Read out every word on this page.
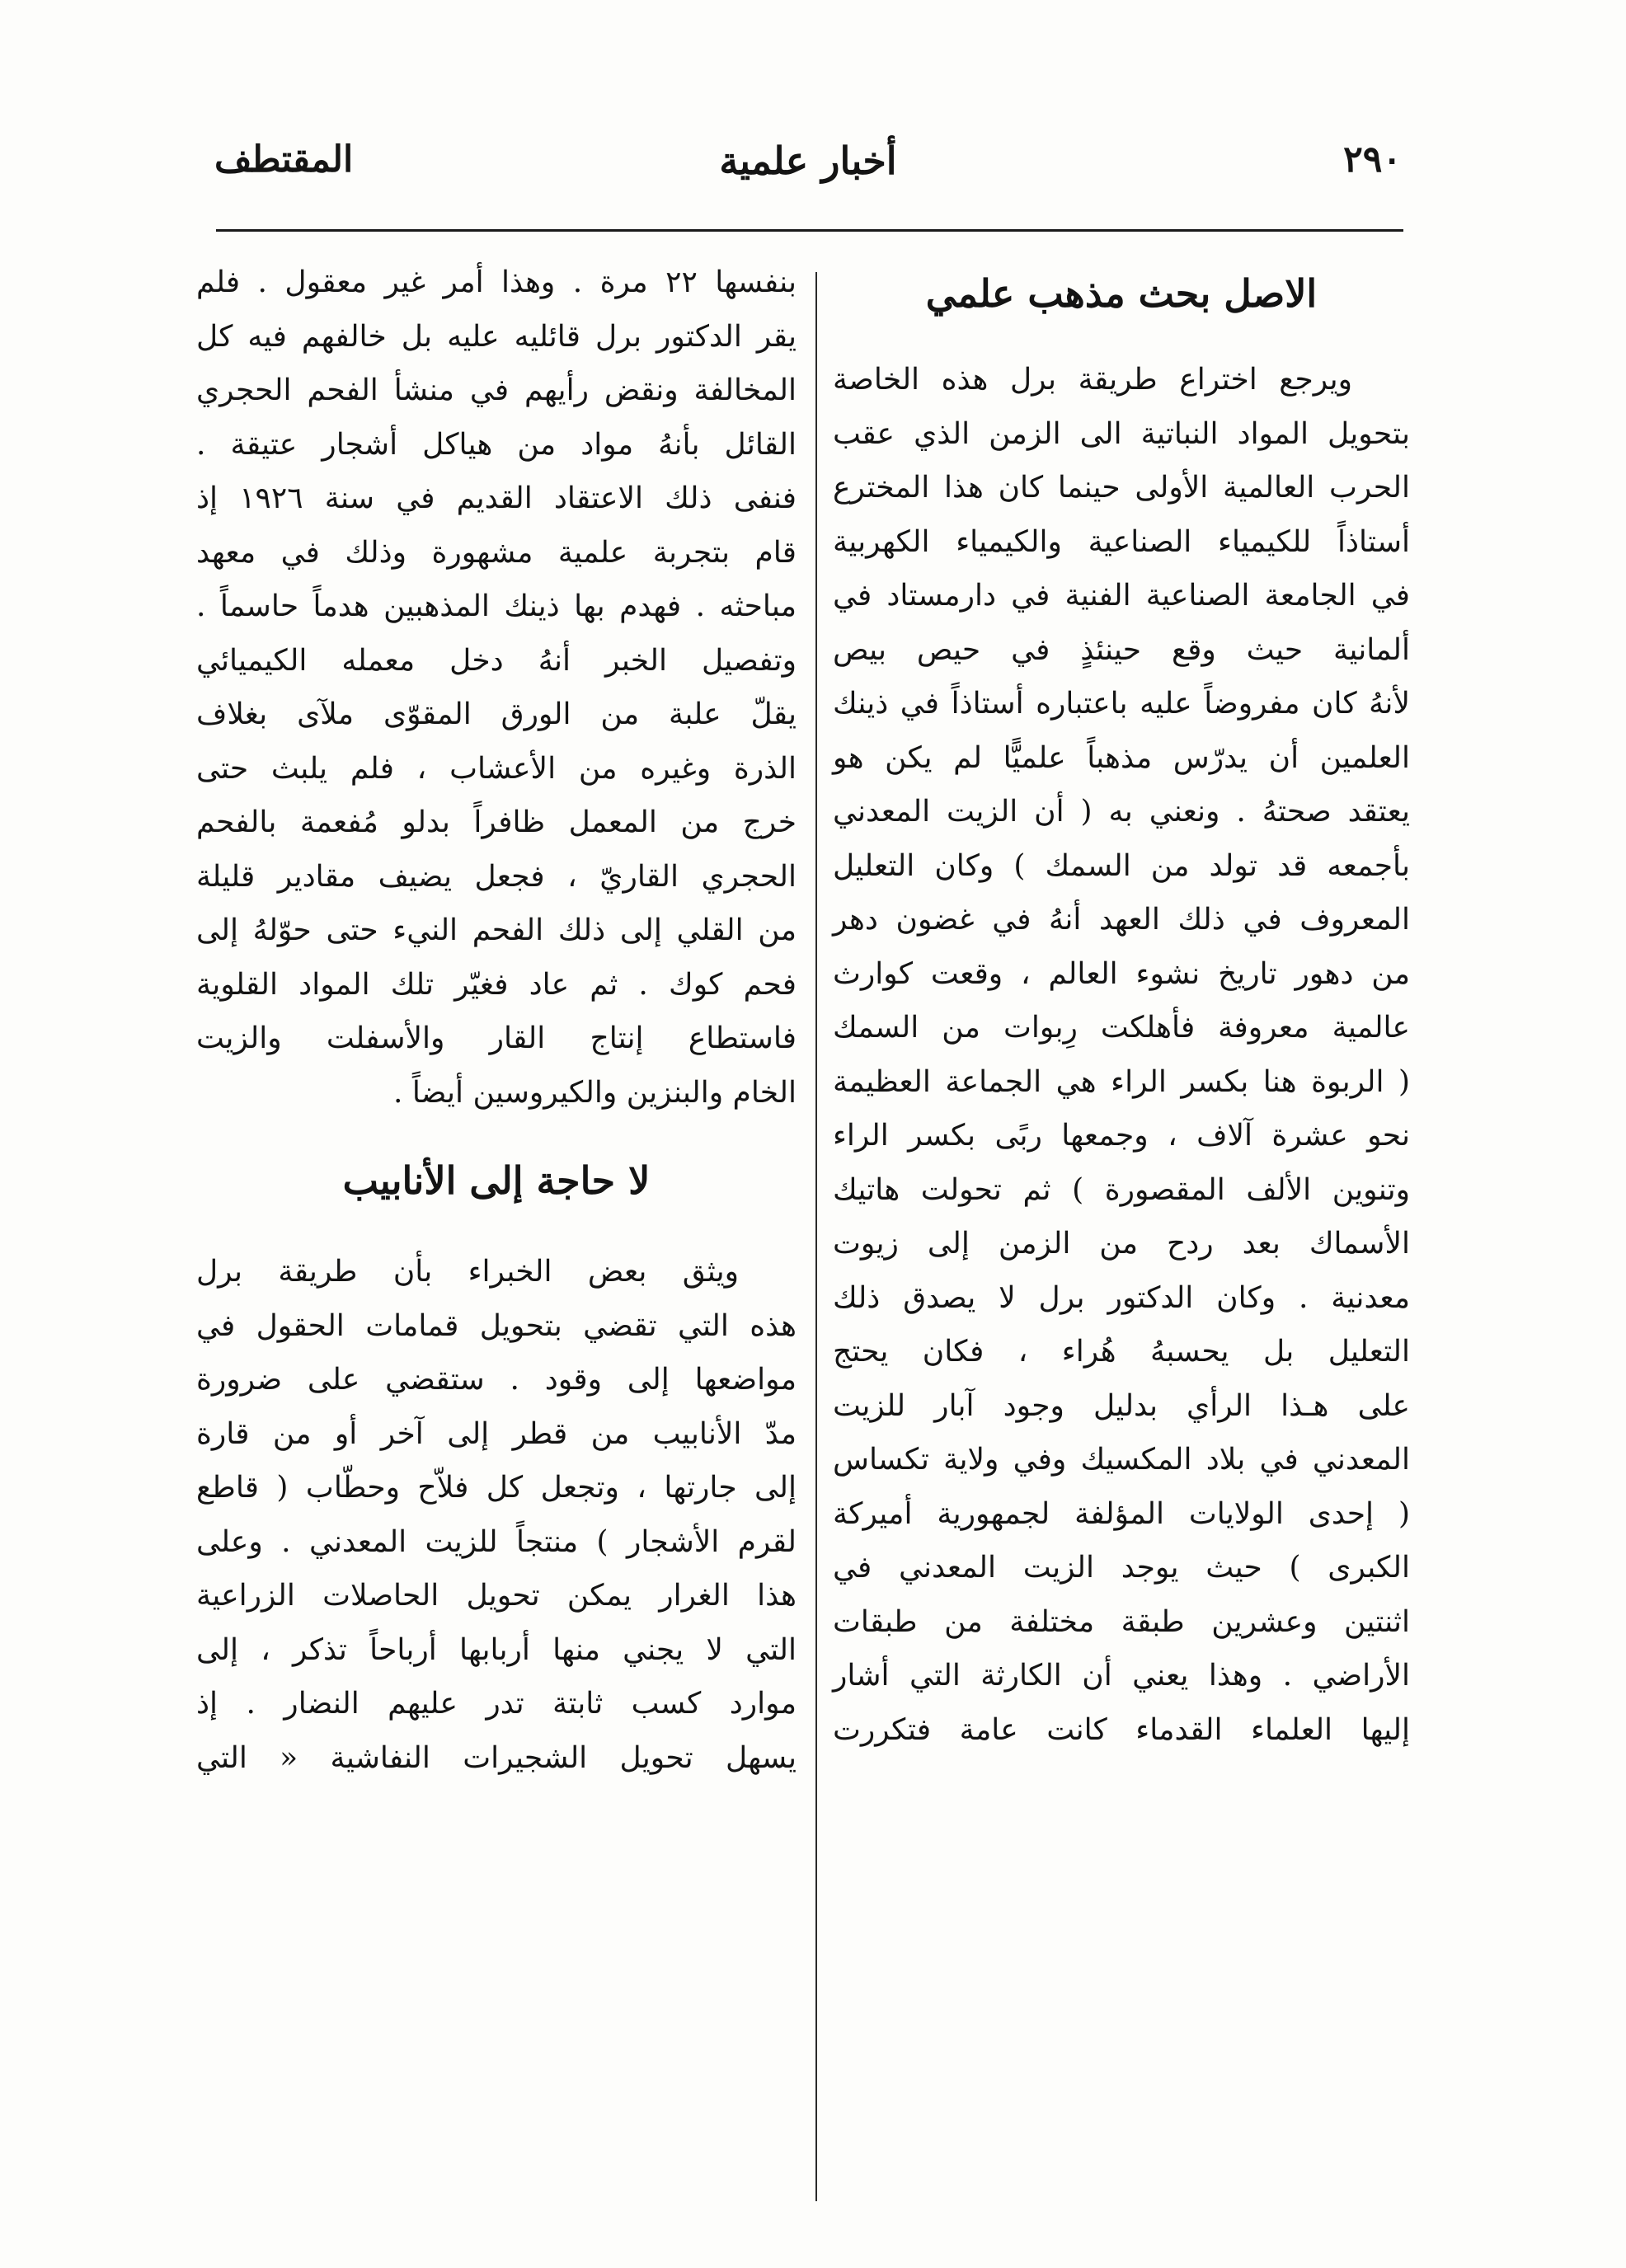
٢٩٠
أخبار علمية
المقتطف
الاصل بحث مذهب علمي

ويرجع اختراع طريقة برل هذه الخاصة

بتحويل المواد النباتية الى الزمن الذي عقب

الحرب العالمية الأولى حينما كان هذا المخترع

أستاذاً للكيمياء الصناعية والكيمياء الكهربية

في الجامعة الصناعية الفنية في دارمستاد في

ألمانية حيث وقع حينئذٍ في حيص بيص

لأنهُ كان مفروضاً عليه باعتباره أستاذاً في ذينك

العلمين أن يدرّس مذهباً علميًّا لم يكن هو

يعتقد صحتهُ . ونعني به ( أن الزيت المعدني

بأجمعه قد تولد من السمك ) وكان التعليل

المعروف في ذلك العهد أنهُ في غضون دهر

من دهور تاريخ نشوء العالم ، وقعت كوارث

عالمية معروفة فأهلكت رِبوات من السمك

( الربوة هنا بكسر الراء هي الجماعة العظيمة

نحو عشرة آلاف ، وجمعها ربًى بكسر الراء

وتنوين الألف المقصورة ) ثم تحولت هاتيك

الأسماك بعد ردح من الزمن إلى زيوت

معدنية . وكان الدكتور برل لا يصدق ذلك

التعليل بل يحسبهُ هُراء ، فكان يحتج

على هـذا الرأي بدليل وجود آبار للزيت

المعدني في بلاد المكسيك وفي ولاية تكساس

( إحدى الولايات المؤلفة لجمهورية أميركة

الكبرى ) حيث يوجد الزيت المعدني في

اثنتين وعشرين طبقة مختلفة من طبقات

الأراضي . وهذا يعني أن الكارثة التي أشار

إليها العلماء القدماء كانت عامة فتكررت

بنفسها ٢٢ مرة . وهذا أمر غير معقول . فلم

يقر الدكتور برل قائليه عليه بل خالفهم فيه كل

المخالفة ونقض رأيهم في منشأ الفحم الحجري

القائل بأنهُ مواد من هياكل أشجار عتيقة .

فنفى ذلك الاعتقاد القديم في سنة ١٩٢٦ إذ

قام بتجربة علمية مشهورة وذلك في معهد

مباحثه . فهدم بها ذينك المذهبين هدماً حاسماً .

وتفصيل الخبر أنهُ دخل معمله الكيميائي

يقلّ علبة من الورق المقوّى ملآى بغلاف

الذرة وغيره من الأعشاب ، فلم يلبث حتى

خرج من المعمل ظافراً بدلو مُفعمة بالفحم

الحجري القاريّ ، فجعل يضيف مقادير قليلة

من القلي إلى ذلك الفحم النيء حتى حوّلهُ إلى

فحم كوك . ثم عاد فغيّر تلك المواد القلوية

فاستطاع إنتاج القار والأسفلت والزيت

الخام والبنزين والكيروسين أيضاً .

لا حاجة إلى الأنابيب

ويثق بعض الخبراء بأن طريقة برل

هذه التي تقضي بتحويل قمامات الحقول في

مواضعها إلى وقود . ستقضي على ضرورة

مدّ الأنابيب من قطر إلى آخر أو من قارة

إلى جارتها ، وتجعل كل فلاّح وحطّاب ( قاطع

لقرم الأشجار ) منتجاً للزيت المعدني . وعلى

هذا الغرار يمكن تحويل الحاصلات الزراعية

التي لا يجني منها أربابها أرباحاً تذكر ، إلى

موارد كسب ثابتة تدر عليهم النضار . إذ

يسهل تحويل الشجيرات النفاشية « التي
